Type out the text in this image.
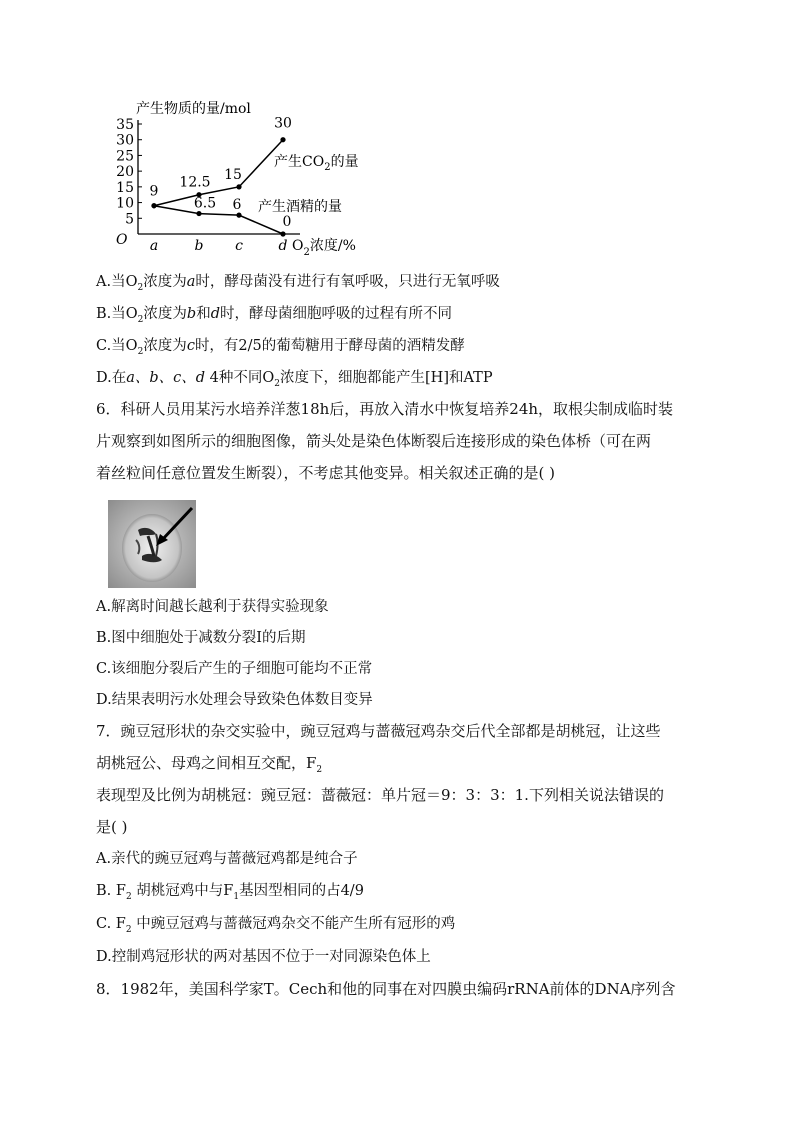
产生物质的量/mol
35
30
25
20
15
10
5
a	b c	d
9
12.5 15
30
6.5 6
0
O	$O_2$浓度/%
产生$CO_2$的量
产生酒精的量
A.当$O_2$浓度为a时，酵母菌没有进行有氧呼吸，只进行无氧呼吸
B.当$O_2$浓度为b和d时，酵母菌细胞呼吸的过程有所不同
C.当$O_2$浓度为c时，有2/5的葡萄糖用于酵母菌的酒精发酵
D.在a、b、c、d 4种不同$O_2$浓度下，细胞都能产生[H]和ATP
6．科研人员用某污水培养洋葱18h后，再放入清水中恢复培养24h，取根尖制成临时装
片观察到如图所示的细胞图像，箭头处是染色体断裂后连接形成的染色体桥（可在两
着丝粒间任意位置发生断裂），不考虑其他变异。相关叙述正确的是( )
A.解离时间越长越利于获得实验现象
B.图中细胞处于减数分裂I的后期
C.该细胞分裂后产生的子细胞可能均不正常
D.结果表明污水处理会导致染色体数目变异
7．豌豆冠形状的杂交实验中，豌豆冠鸡与蔷薇冠鸡杂交后代全部都是胡桃冠，让这些
胡桃冠公、母鸡之间相互交配，$F_2$
表现型及比例为胡桃冠：豌豆冠：蔷薇冠：单片冠＝9：3：3：1.下列相关说法错误的
是( )
A.亲代的豌豆冠鸡与蔷薇冠鸡都是纯合子
B. $F_2$ 胡桃冠鸡中与$F_1$基因型相同的占4/9
C. $F_2$ 中豌豆冠鸡与蔷薇冠鸡杂交不能产生所有冠形的鸡
D.控制鸡冠形状的两对基因不位于一对同源染色体上
8．1982年，美国科学家T。Cech和他的同事在对四膜虫编码rRNA前体的DNA序列含
